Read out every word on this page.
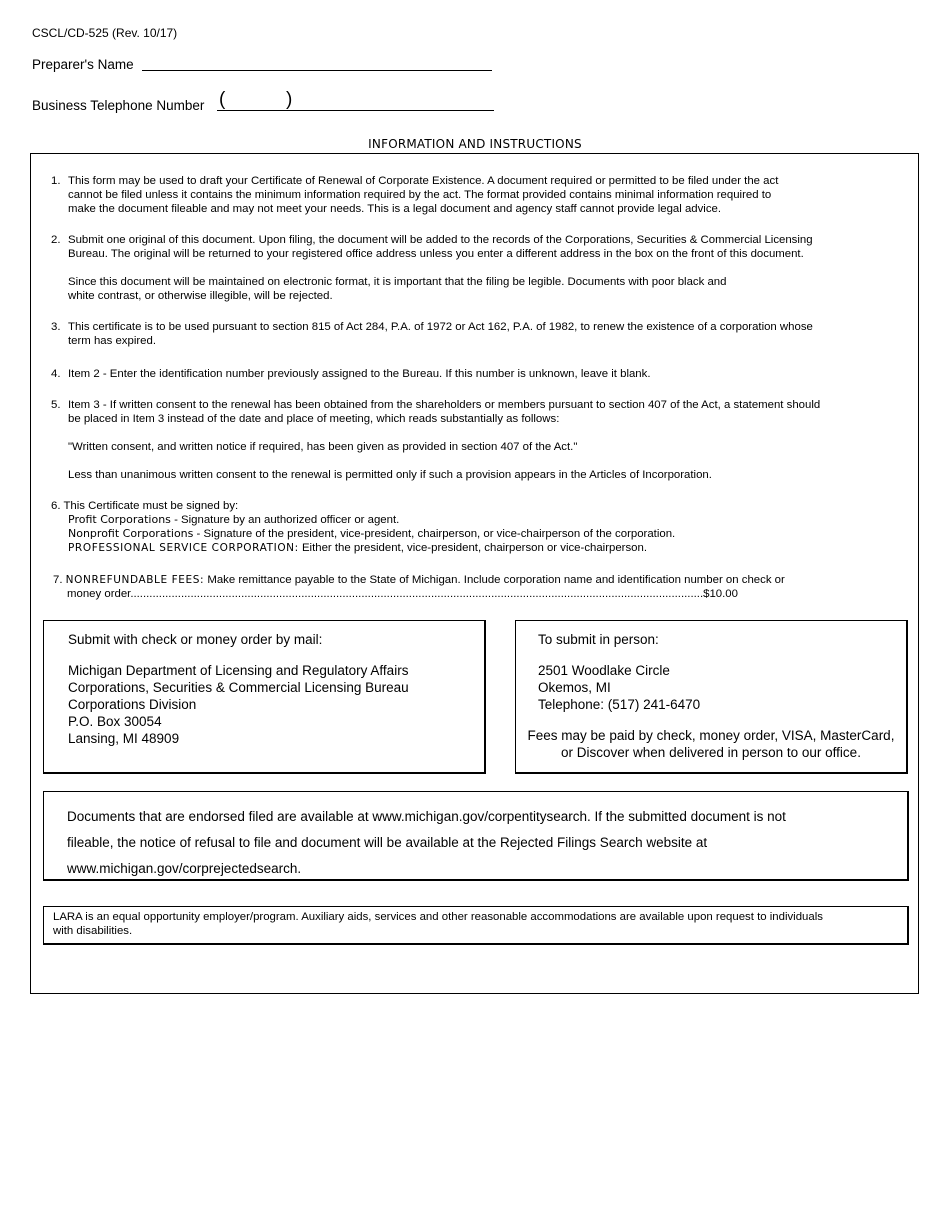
CSCL/CD-525 (Rev. 10/17)
Preparer's Name
Business Telephone Number (	)
INFORMATION AND INSTRUCTIONS
1. This form may be used to draft your Certificate of Renewal of Corporate Existence. A document required or permitted to be filed under the act
cannot be filed unless it contains the minimum information required by the act. The format provided contains minimal information required to
make the document fileable and may not meet your needs. This is a legal document and agency staff cannot provide legal advice.
2. Submit one original of this document. Upon filing, the document will be added to the records of the Corporations, Securities & Commercial Licensing
Bureau. The original will be returned to your registered office address unless you enter a different address in the box on the front of this document.
Since this document will be maintained on electronic format, it is important that the filing be legible. Documents with poor black and
white contrast, or otherwise illegible, will be rejected.
3. This certificate is to be used pursuant to section 815 of Act 284, P.A. of 1972 or Act 162, P.A. of 1982, to renew the existence of a corporation whose
term has expired.
4. Item 2 - Enter the identification number previously assigned to the Bureau. If this number is unknown, leave it blank.
5. Item 3 - If written consent to the renewal has been obtained from the shareholders or members pursuant to section 407 of the Act, a statement should
be placed in Item 3 instead of the date and place of meeting, which reads substantially as follows:
"Written consent, and written notice if required, has been given as provided in section 407 of the Act."
Less than unanimous written consent to the renewal is permitted only if such a provision appears in the Articles of Incorporation.
6. This Certificate must be signed by:
Profit Corporations - Signature by an authorized officer or agent.
Nonprofit Corporations - Signature of the president, vice-president, chairperson, or vice-chairperson of the corporation.
PROFESSIONAL SERVICE CORPORATION: Either the president, vice-president, chairperson or vice-chairperson.
7. NONREFUNDABLE FEES: Make remittance payable to the State of Michigan. Include corporation name and identification number on check or
money order.....................................................................................................................................................................................$10.00
Submit with check or money order by mail:
Michigan Department of Licensing and Regulatory Affairs
Corporations, Securities & Commercial Licensing Bureau
Corporations Division
P.O. Box 30054
Lansing, MI 48909
To submit in person:
2501 Woodlake Circle
Okemos, MI
Telephone: (517) 241-6470
Fees may be paid by check, money order, VISA, MasterCard,
or Discover when delivered in person to our office.
Documents that are endorsed filed are available at www.michigan.gov/corpentitysearch. If the submitted document is not
fileable, the notice of refusal to file and document will be available at the Rejected Filings Search website at
www.michigan.gov/corprejectedsearch.
LARA is an equal opportunity employer/program. Auxiliary aids, services and other reasonable accommodations are available upon request to individuals
with disabilities.
